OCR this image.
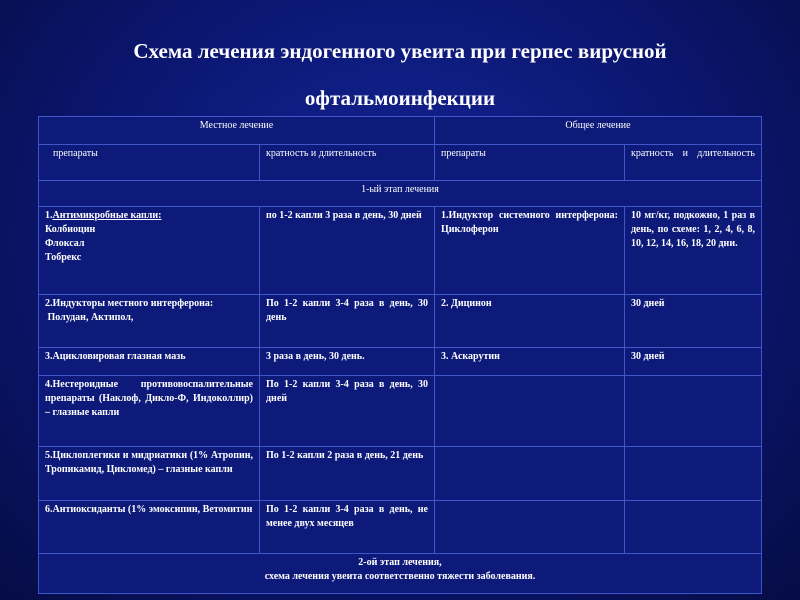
Схема лечения эндогенного увеита при герпес вирусной
офтальмоинфекции
Местное лечение		Общее лечение	
препараты	кратность и длительность	препараты	кратность и длительность
1-ый этап лечения			
1.Антимикробные капли:
Колбиоцин
Флоксал
Тобрекс	по 1-2 капли 3 раза в день, 30 дней	1.Индуктор системного интерферона: Циклоферон	10 мг/кг, подкожно, 1 раз в день, по схеме: 1, 2, 4, 6, 8, 10, 12, 14, 16, 18, 20 дни.
2.Индукторы местного интерферона:
Полудан, Актипол,	По 1-2 капли 3-4 раза в день, 30 день	2. Дицинон	30 дней
3.Ацикловировая глазная мазь	3 раза в день, 30 день.	3. Аскарутин	30 дней
4.Нестероидные противовоспалительные препараты (Наклоф, Дикло-Ф, Индоколлир) – глазные капли	По 1-2 капли 3-4 раза в день, 30 дней		
5.Циклоплегики и мидриатики (1% Атропин, Тропикамид, Цикломед) – глазные капли	По 1-2 капли 2 раза в день, 21 день		
6.Антиоксиданты (1% эмоксипин, Ветомитин	По 1-2 капли 3-4 раза в день, не менее двух месяцев		

2-ой этап лечения,
схема лечения увеита соответственно тяжести заболевания.			
